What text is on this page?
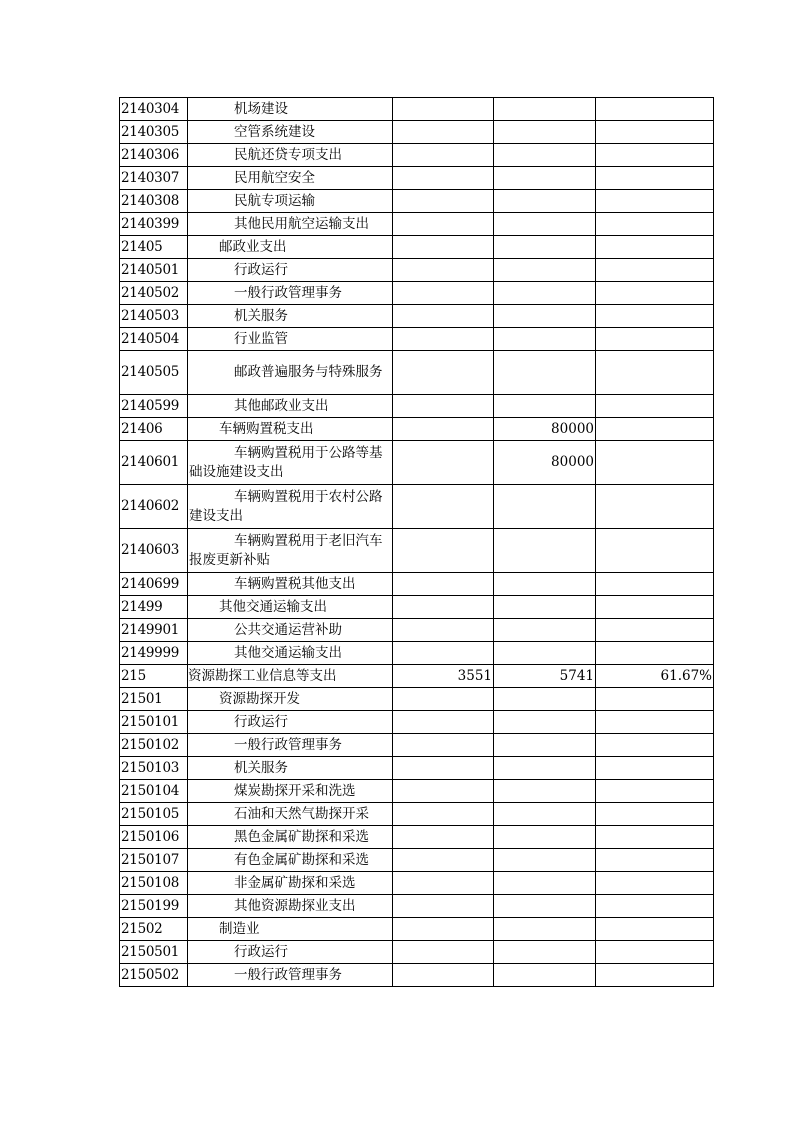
2140304	机场建设			
2140305	空管系统建设			
2140306	民航还贷专项支出			
2140307	民用航空安全			
2140308	民航专项运输			
2140399	其他民用航空运输支出			
21405	邮政业支出			
2140501	行政运行			
2140502	一般行政管理事务			
2140503	机关服务			
2140504	行业监管			
2140505	邮政普遍服务与特殊服务			
2140599	其他邮政业支出			
21406	车辆购置税支出		80000	
2140601	车辆购置税用于公路等基础设施建设支出		80000	
2140602	车辆购置税用于农村公路建设支出			
2140603	车辆购置税用于老旧汽车报废更新补贴			
2140699	车辆购置税其他支出			
21499	其他交通运输支出			
2149901	公共交通运营补助			
2149999	其他交通运输支出			
215	资源勘探工业信息等支出	3551	5741	61.67%
21501	资源勘探开发			
2150101	行政运行			
2150102	一般行政管理事务			
2150103	机关服务			
2150104	煤炭勘探开采和洗选			
2150105	石油和天然气勘探开采			
2150106	黑色金属矿勘探和采选			
2150107	有色金属矿勘探和采选			
2150108	非金属矿勘探和采选			
2150199	其他资源勘探业支出			
21502	制造业			
2150501	行政运行			
2150502	一般行政管理事务			
